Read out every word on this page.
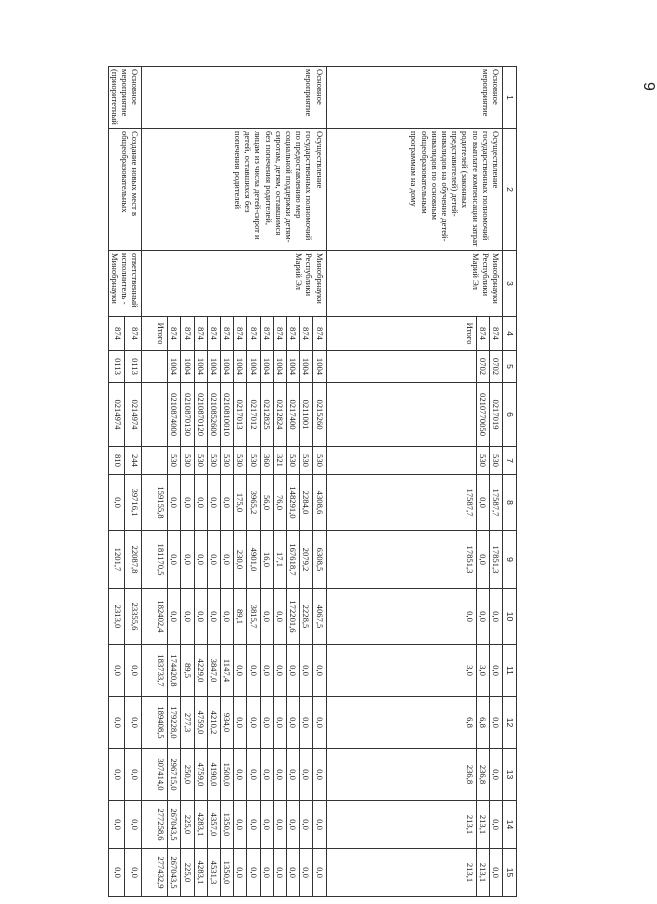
9
1	2	3	4	5	6	7	8	9	10	11	12	13	14	15
Основное мероприятие	Осуществление государственных полномочий по выплате компенсации затрат родителей (законных представителей) детей-инвалидов на обучение детей-инвалидов по основным общеобразовательным программам на дому	Минобрнауки Республики Марий Эл	874	0702	0217019	530	17587,7	17851,3	0,0	0,0	0,0	0,0	0,0	0,0
			874	0702	0210770050	530	0,0	0,0	0,0	3,0	6,8	236,8	213,1	213,1
			Итого				17587,7	17851,3	0,0	3,0	6,8	236,8	213,1	213,1
Основное мероприятие	Осуществление государственных полномочий по предоставлению мер социальной поддержки детям-сиротам, детям, оставшимся без попечения родителей, лицам из числа детей-сирот и детей, оставшихся без попечения родителей	Минобрнауки Республики Марий Эл	874	1004	0215260	530	4308,6	6308,5	4067,5	0,0	0,0	0,0	0,0	0,0
			874	1004	0211001	530	2284,0	2079,2	2228,5	0,0	0,0	0,0	0,0	0,0
			874	1004	0217400	530	148291,0	167618,7	172201,6	0,0	0,0	0,0	0,0	0,0
			874	1004	0212824	321	76,0	17,1	0,0	0,0	0,0	0,0	0,0	0,0
			874	1004	0212825	360	56,0	16,0	0,0	0,0	0,0	0,0	0,0	0,0
			874	1004	0217012	530	3965,2	4901,0	3815,7	0,0	0,0	0,0	0,0	0,0
			874	1004	0217013	530	175,0	230,0	89,1	0,0	0,0	0,0	0,0	0,0
			874	1004	0210810010	530	0,0	0,0	0,0	1147,4	934,0	1500,0	1350,0	1350,0
			874	1004	0210852600	530	0,0	0,0	0,0	3847,0	4210,2	4190,0	4357,0	4531,3
			874	1004	0210870120	530	0,0	0,0	0,0	4229,0	4759,0	4759,0	4283,1	4283,1
			874	1004	0210870130	530	0,0	0,0	0,0	89,5	277,3	250,0	225,0	225,0
			874	1004	0210874000	530	0,0	0,0	0,0	174420,8	179228,0	296715,0	267043,5	267043,5
			Итого				159155,8	181170,5	182402,4	183733,7	189408,5	307414,0	277258,6	277432,9
Основное мероприятие (приоритетный	Создание новых мест в общеобразовательных	ответственный исполнитель - Минобрнауки	874	0113	0214974	244	39716,1	22087,8	23355,6	0,0	0,0	0,0	0,0	0,0
			874	0113	0214974	810	0,0	1201,7	2313,0	0,0	0,0	0,0	0,0	0,0
